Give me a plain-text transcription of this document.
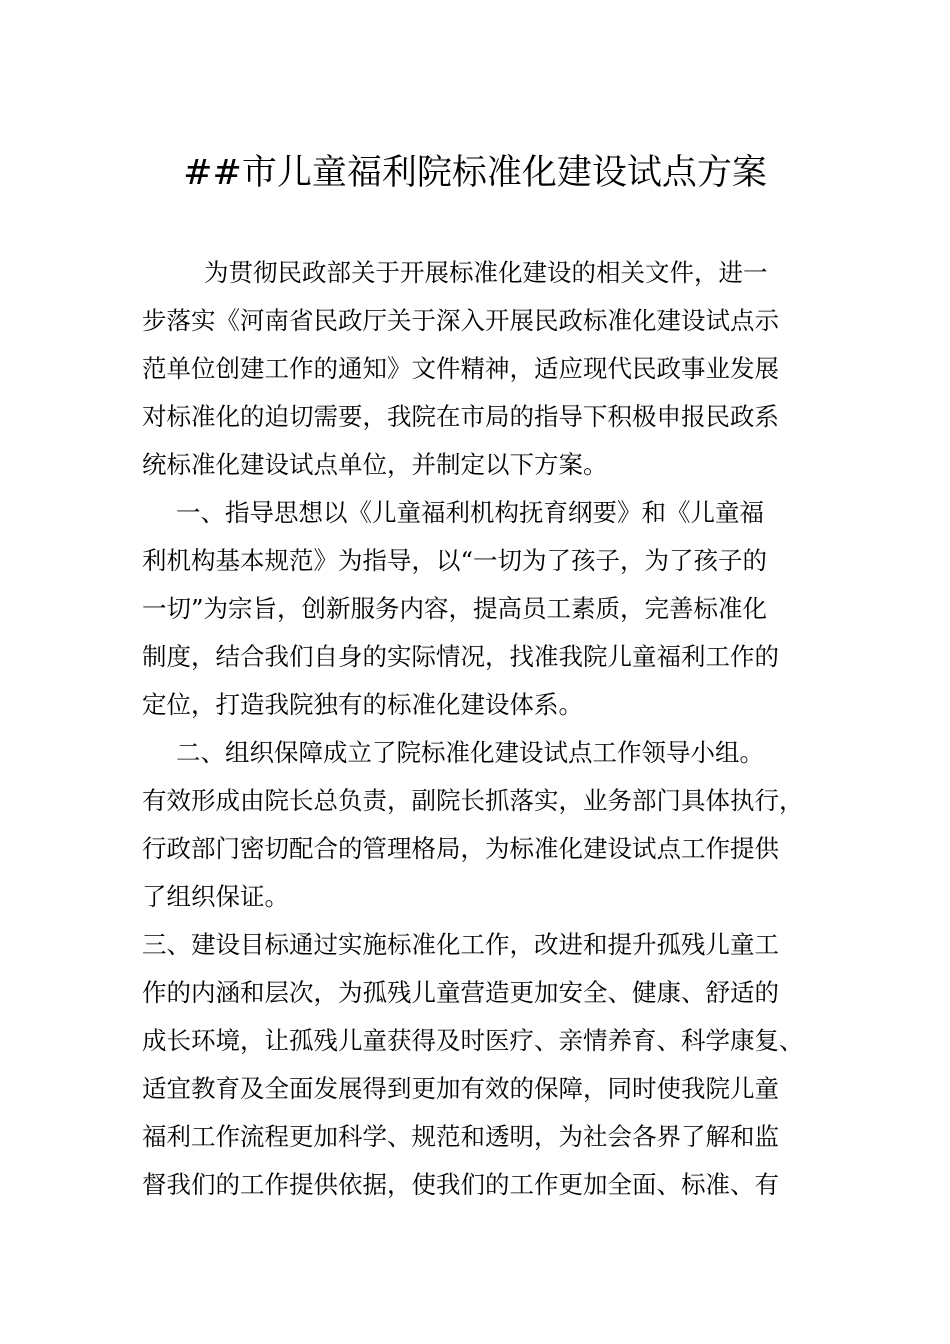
##市儿童福利院标准化建设试点方案
为贯彻民政部关于开展标准化建设的相关文件，进一
步落实《河南省民政厅关于深入开展民政标准化建设试点示
范单位创建工作的通知》文件精神，适应现代民政事业发展
对标准化的迫切需要，我院在市局的指导下积极申报民政系
统标准化建设试点单位，并制定以下方案。
一、指导思想以《儿童福利机构抚育纲要》和《儿童福
利机构基本规范》为指导，以“一切为了孩子，为了孩子的
一切”为宗旨，创新服务内容，提高员工素质，完善标准化
制度，结合我们自身的实际情况，找准我院儿童福利工作的
定位，打造我院独有的标准化建设体系。
二、组织保障成立了院标准化建设试点工作领导小组。
有效形成由院长总负责，副院长抓落实，业务部门具体执行，
行政部门密切配合的管理格局，为标准化建设试点工作提供
了组织保证。
三、建设目标通过实施标准化工作，改进和提升孤残儿童工
作的内涵和层次，为孤残儿童营造更加安全、健康、舒适的
成长环境，让孤残儿童获得及时医疗、亲情养育、科学康复、
适宜教育及全面发展得到更加有效的保障，同时使我院儿童
福利工作流程更加科学、规范和透明，为社会各界了解和监
督我们的工作提供依据，使我们的工作更加全面、标准、有
